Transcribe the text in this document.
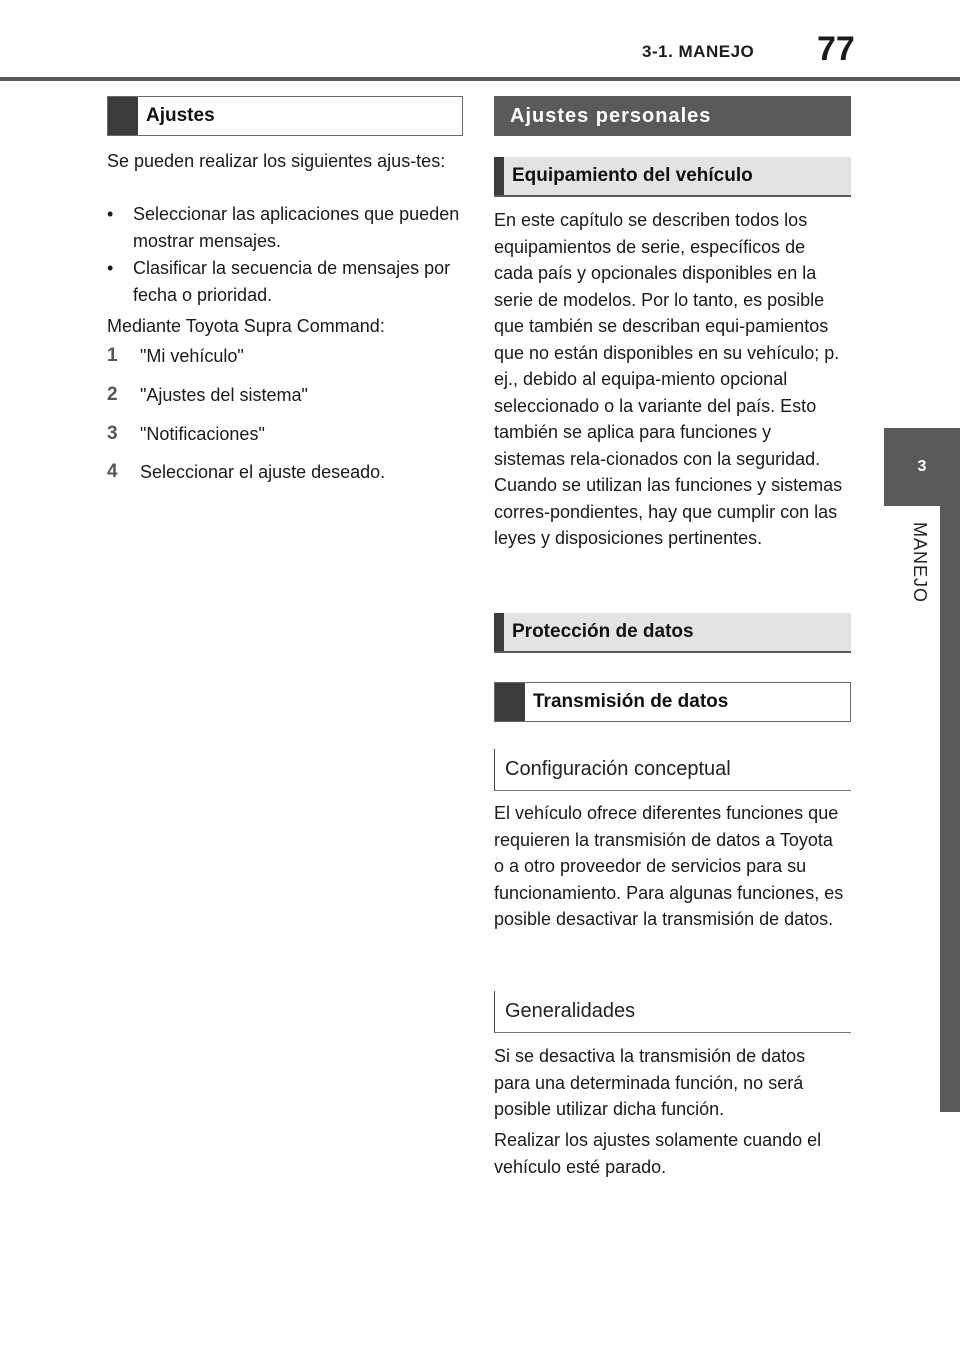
3-1. MANEJO 77
3
MANEJO
Ajustes

Se pueden realizar los siguientes ajus-tes:

• Seleccionar las aplicaciones que pueden mostrar mensajes.
• Clasificar la secuencia de mensajes por fecha o prioridad.

Mediante Toyota Supra Command:

1 "Mi vehículo"
2 "Ajustes del sistema"
3 "Notificaciones"
4 Seleccionar el ajuste deseado.
Ajustes personales
Equipamiento del vehículo

En este capítulo se describen todos los equipamientos de serie, específicos de cada país y opcionales disponibles en la serie de modelos. Por lo tanto, es posible que también se describan equi-pamientos que no están disponibles en su vehículo; p. ej., debido al equipa-miento opcional seleccionado o la variante del país. Esto también se aplica para funciones y sistemas rela-cionados con la seguridad. Cuando se utilizan las funciones y sistemas corres-pondientes, hay que cumplir con las leyes y disposiciones pertinentes.

Protección de datos
Transmisión de datos
Configuración conceptual

El vehículo ofrece diferentes funciones que requieren la transmisión de datos a Toyota o a otro proveedor de servicios para su funcionamiento. Para algunas funciones, es posible desactivar la transmisión de datos.

Generalidades

Si se desactiva la transmisión de datos para una determinada función, no será posible utilizar dicha función.

Realizar los ajustes solamente cuando el vehículo esté parado.
